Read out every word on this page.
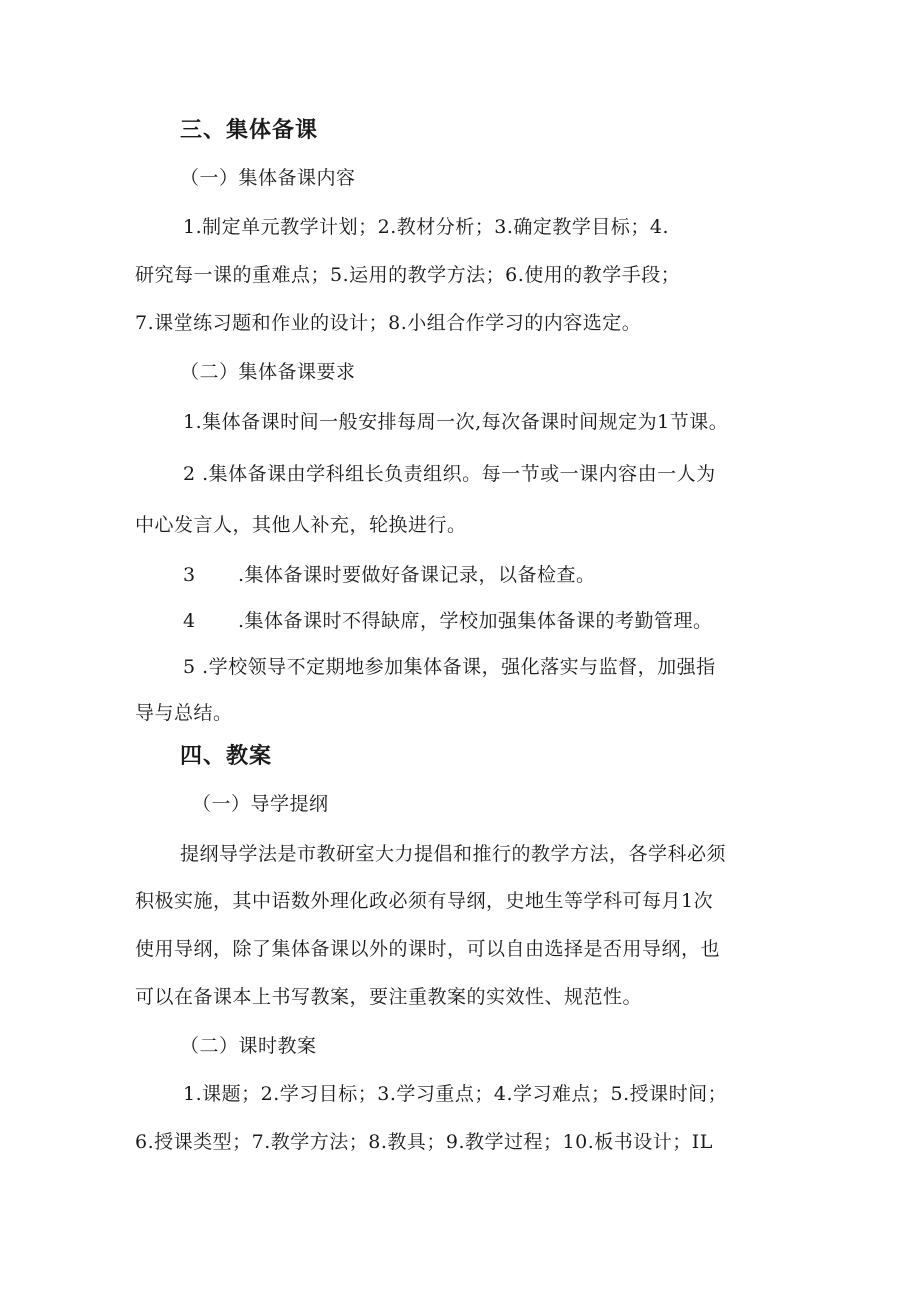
三、集体备课
（一）集体备课内容
1.制定单元教学计划；2.教材分析；3.确定教学目标；4.
研究每一课的重难点；5.运用的教学方法；6.使用的教学手段；
7.课堂练习题和作业的设计；8.小组合作学习的内容选定。
（二）集体备课要求
1.集体备课时间一般安排每周一次,每次备课时间规定为1节课。
2 .集体备课由学科组长负责组织。每一节或一课内容由一人为
中心发言人，其他人补充，轮换进行。
3 .集体备课时要做好备课记录，以备检查。
4 .集体备课时不得缺席，学校加强集体备课的考勤管理。
5 .学校领导不定期地参加集体备课，强化落实与监督，加强指
导与总结。
四、教案
（一）导学提纲
提纲导学法是市教研室大力提倡和推行的教学方法，各学科必须
积极实施，其中语数外理化政必须有导纲，史地生等学科可每月1次
使用导纲，除了集体备课以外的课时，可以自由选择是否用导纲，也
可以在备课本上书写教案，要注重教案的实效性、规范性。
（二）课时教案
1.课题；2.学习目标；3.学习重点；4.学习难点；5.授课时间；
6.授课类型；7.教学方法；8.教具；9.教学过程；10.板书设计；IL
